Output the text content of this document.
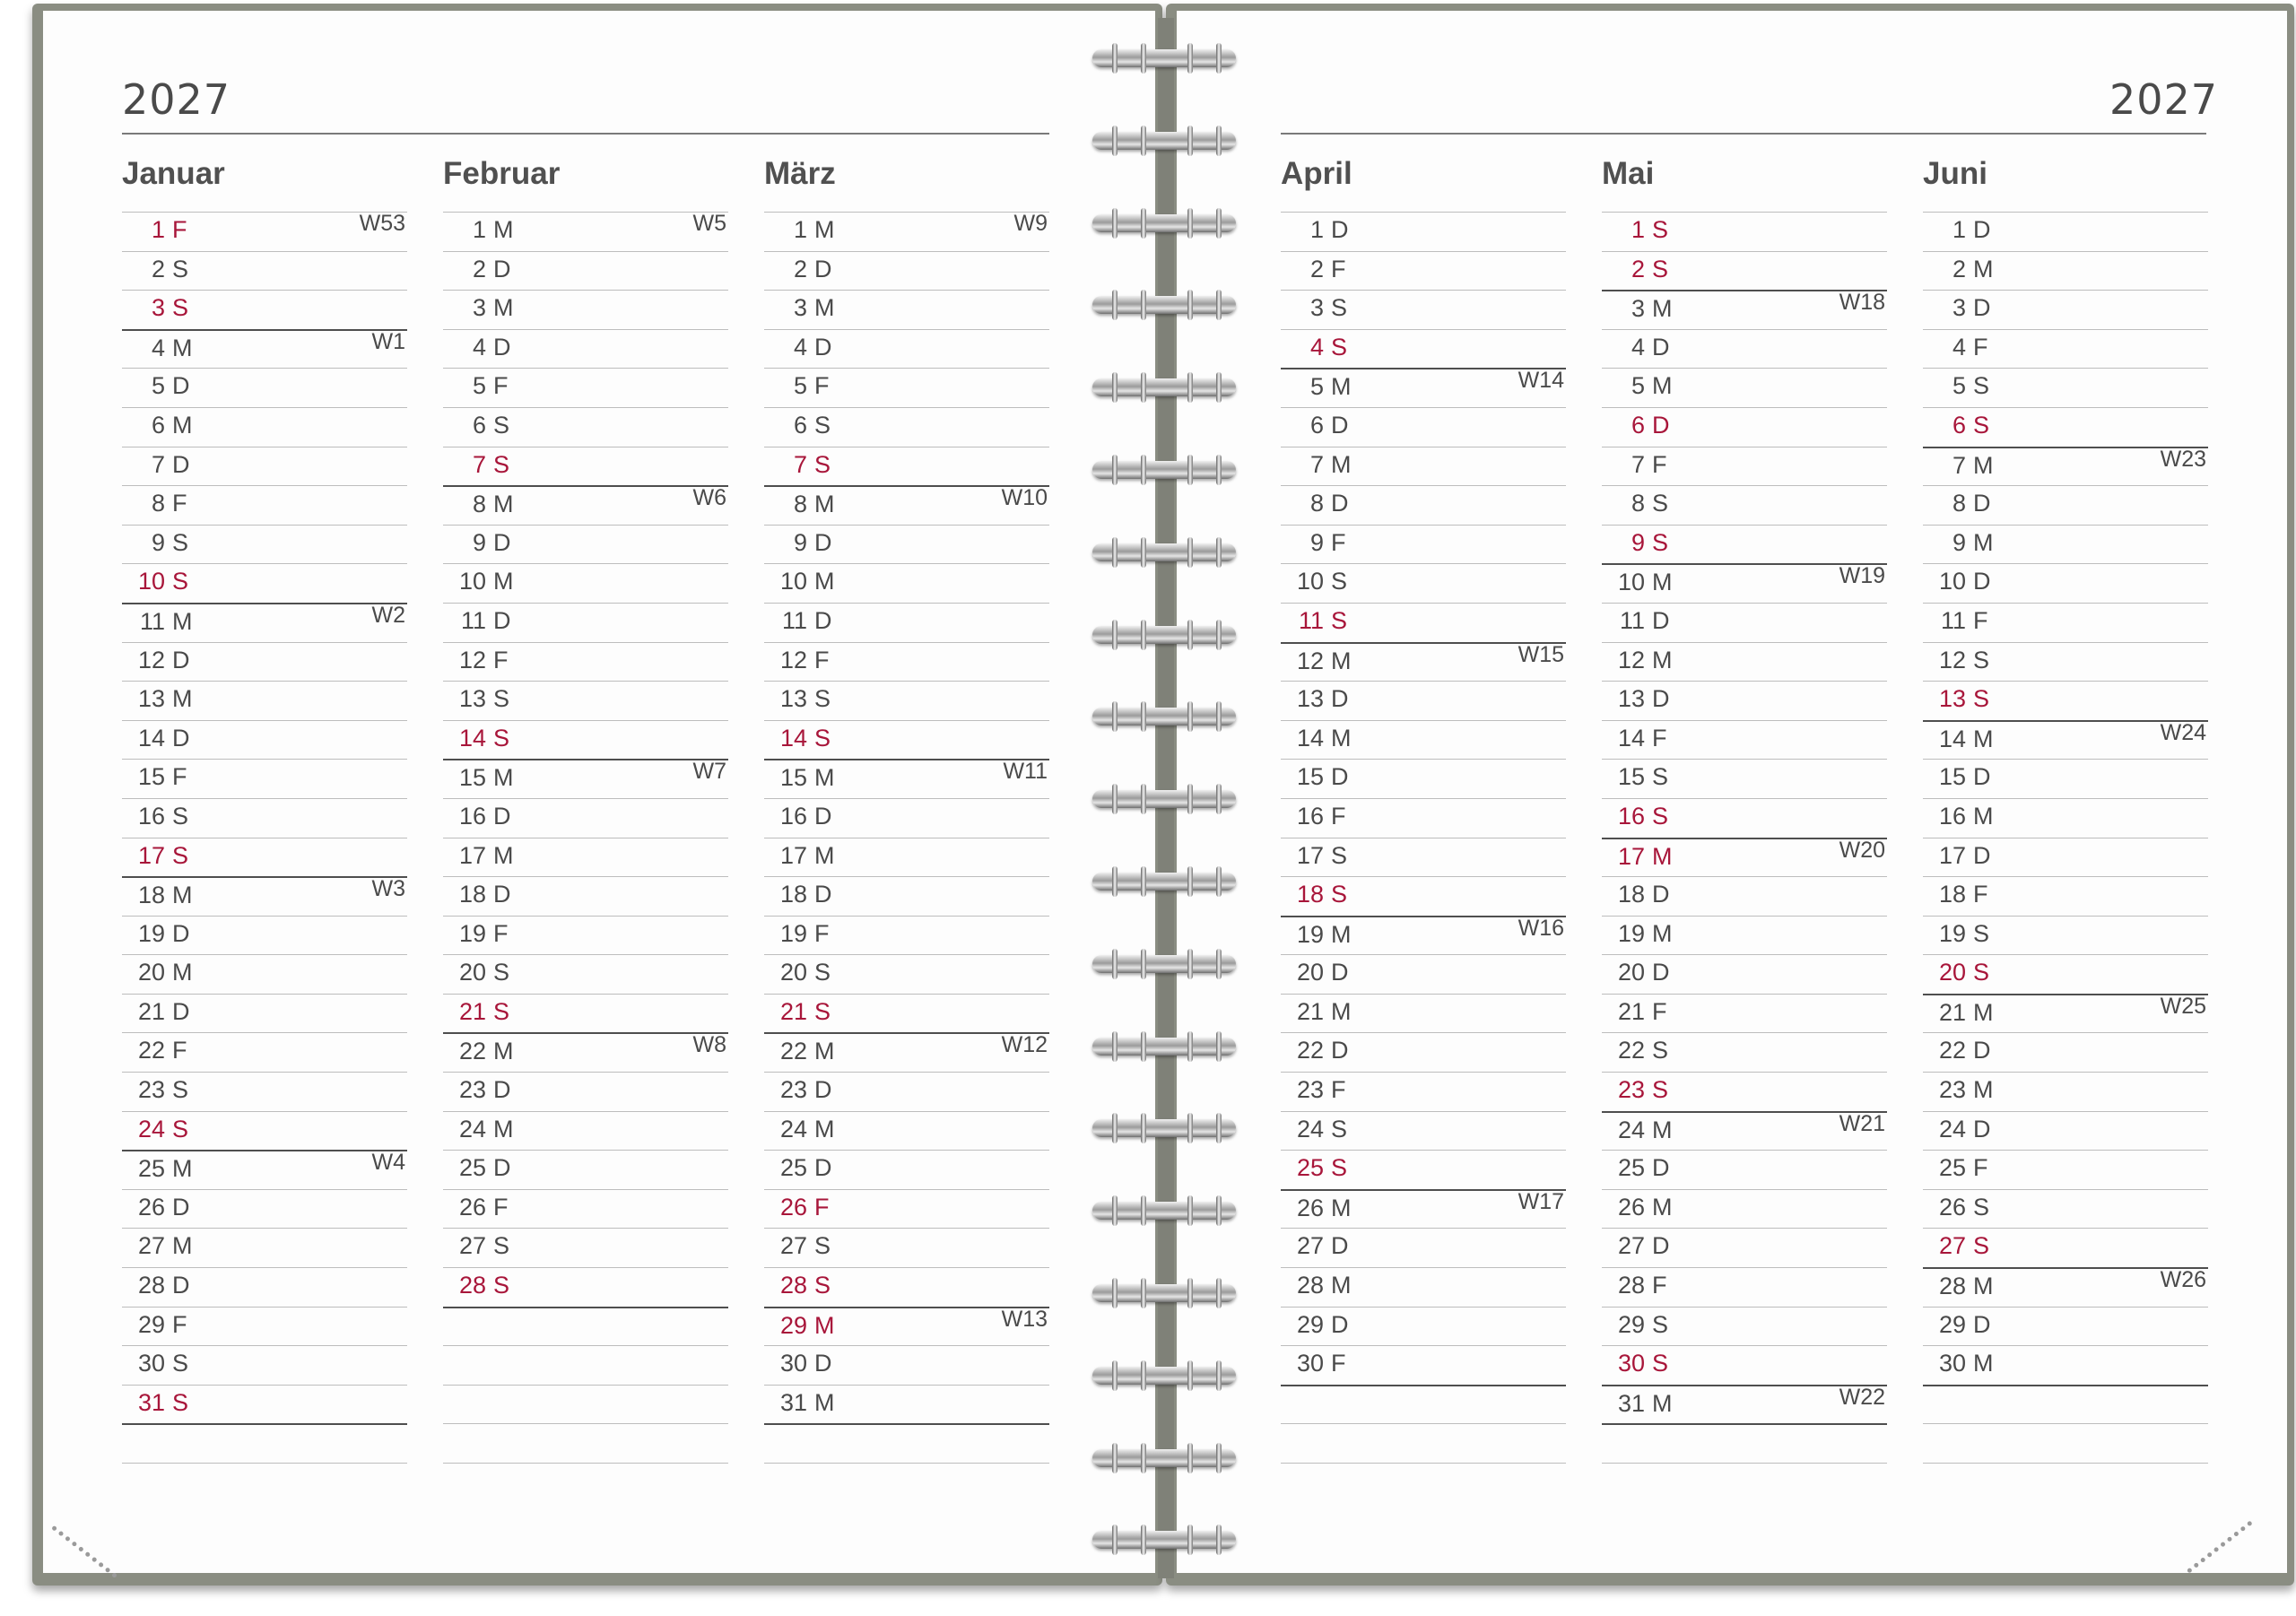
2027	2027
Januar
1 F	W53
2 S
3 S
4 M	W1
5 D
6 M
7 D
8 F
9 S
10 S
11 M	W2
12 D
13 M
14 D
15 F
16 S
17 S
18 M	W3
19 D
20 M
21 D
22 F
23 S
24 S
25 M	W4
26 D
27 M
28 D
29 F
30 S
31 S
Februar
1 M	W5
2 D
3 M
4 D
5 F
6 S
7 S
8 M	W6
9 D
10 M
11 D
12 F
13 S
14 S
15 M	W7
16 D
17 M
18 D
19 F
20 S
21 S
22 M	W8
23 D
24 M
25 D
26 F
27 S
28 S
März
1 M	W9
2 D
3 M
4 D
5 F
6 S
7 S
8 M	W10
9 D
10 M
11 D
12 F
13 S
14 S
15 M	W11
16 D
17 M
18 D
19 F
20 S
21 S
22 M	W12
23 D
24 M
25 D
26 F
27 S
28 S
29 M	W13
30 D
31 M
April
1 D
2 F
3 S
4 S
5 M	W14
6 D
7 M
8 D
9 F
10 S
11 S
12 M	W15
13 D
14 M
15 D
16 F
17 S
18 S
19 M	W16
20 D
21 M
22 D
23 F
24 S
25 S
26 M	W17
27 D
28 M
29 D
30 F
Mai
1 S
2 S
3 M	W18
4 D
5 M
6 D
7 F
8 S
9 S
10 M	W19
11 D
12 M
13 D
14 F
15 S
16 S
17 M	W20
18 D
19 M
20 D
21 F
22 S
23 S
24 M	W21
25 D
26 M
27 D
28 F
29 S
30 S
31 M	W22
Juni
1 D
2 M
3 D
4 F
5 S
6 S
7 M	W23
8 D
9 M
10 D
11 F
12 S
13 S
14 M	W24
15 D
16 M
17 D
18 F
19 S
20 S
21 M	W25
22 D
23 M
24 D
25 F
26 S
27 S
28 M	W26
29 D
30 M
